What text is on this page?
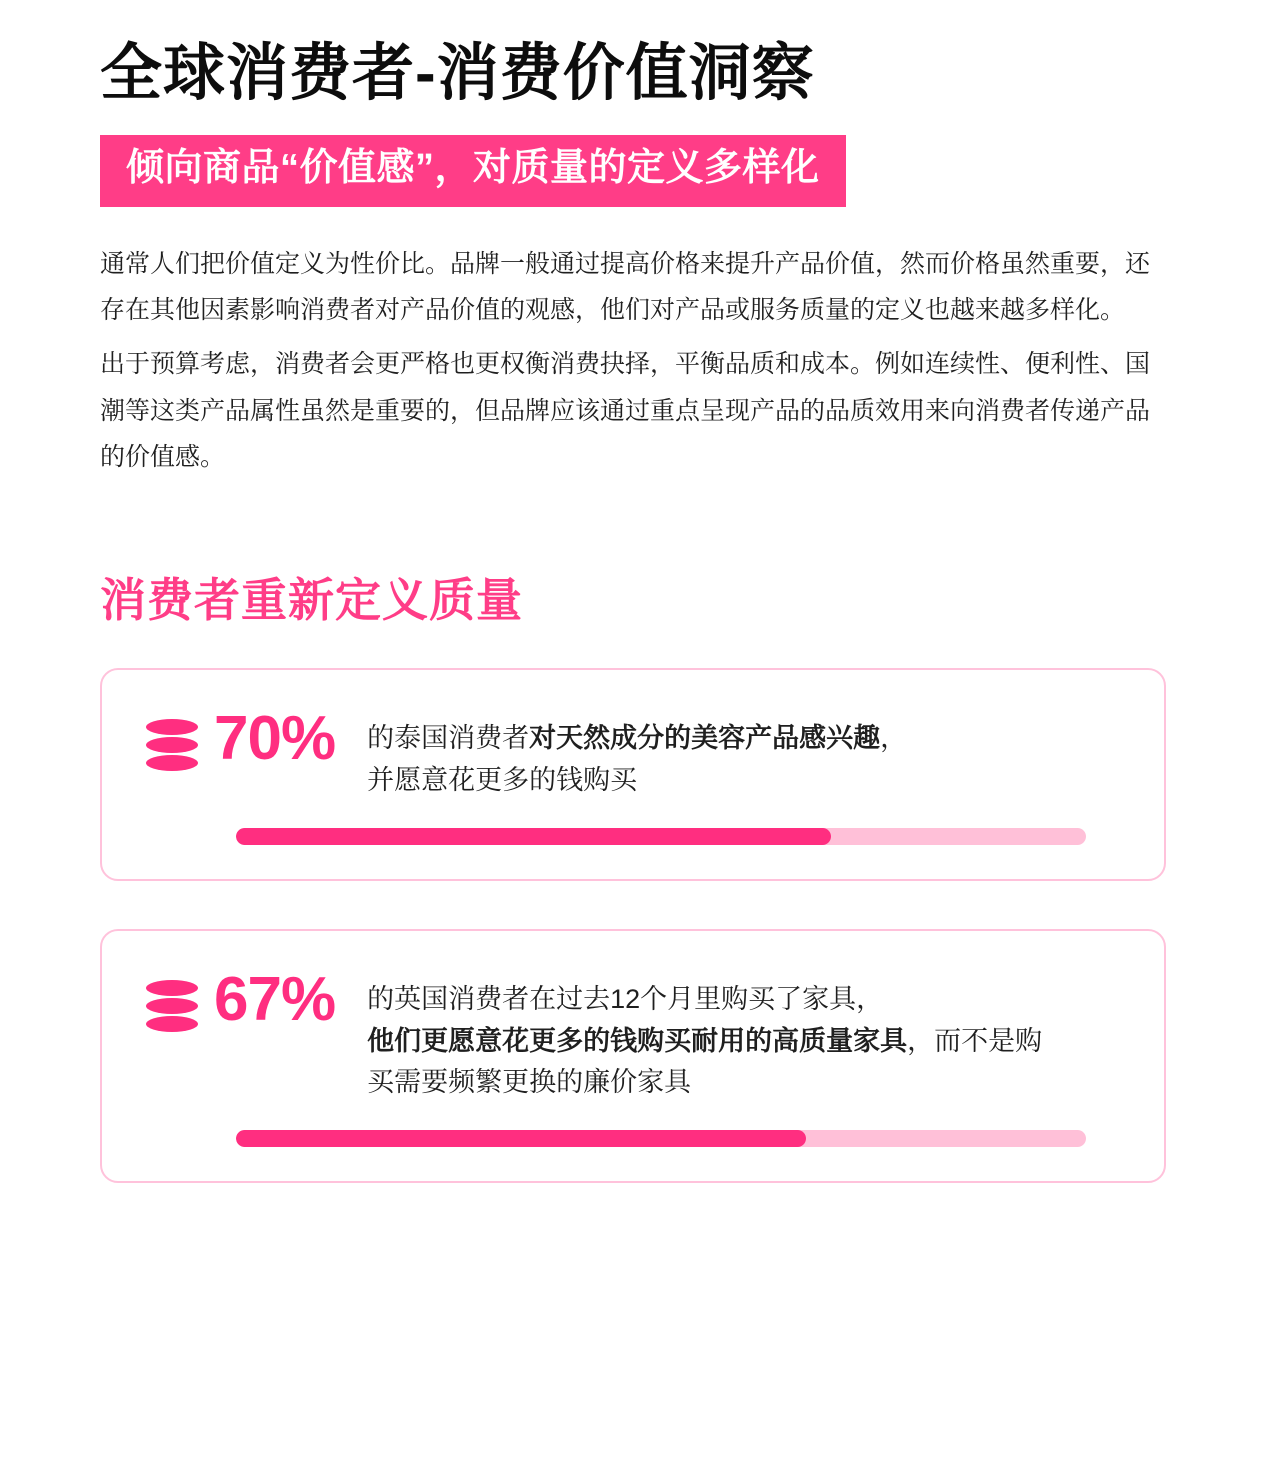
全球消费者-消费价值洞察
倾向商品“价值感”，对质量的定义多样化

通常人们把价值定义为性价比。品牌一般通过提高价格来提升产品价值，然而价格虽然重要，还存在其他因素影响消费者对产品价值的观感，他们对产品或服务质量的定义也越来越多样化。

出于预算考虑，消费者会更严格也更权衡消费抉择，平衡品质和成本。例如连续性、便利性、国潮等这类产品属性虽然是重要的，但品牌应该通过重点呈现产品的品质效用来向消费者传递产品的价值感。

消费者重新定义质量
70%	的泰国消费者对天然成分的美容产品感兴趣，
并愿意花更多的钱购买
67%	的英国消费者在过去12个月里购买了家具，
他们更愿意花更多的钱购买耐用的高质量家具，而不是购
买需要频繁更换的廉价家具
